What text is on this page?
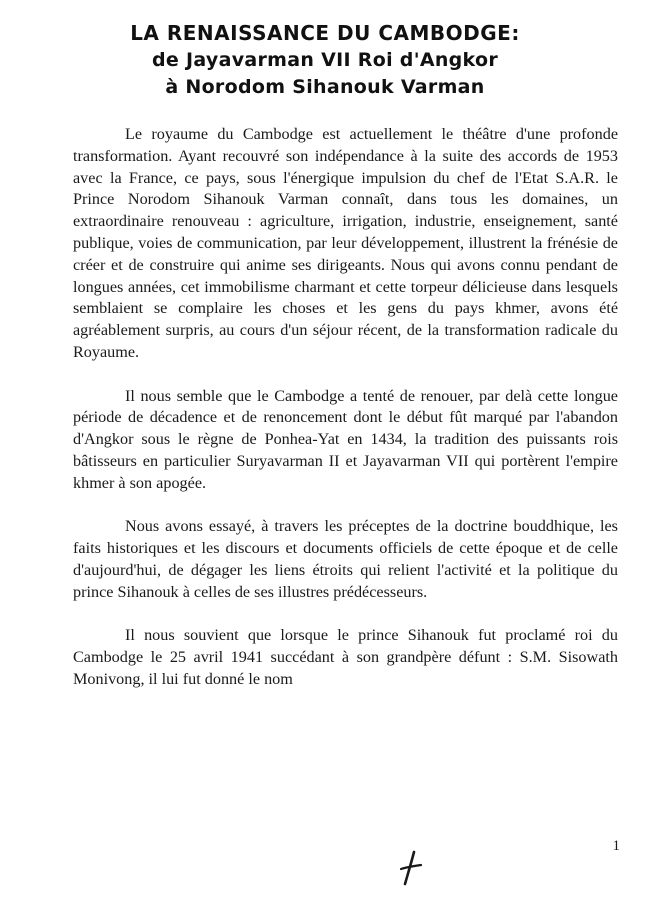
LA RENAISSANCE DU CAMBODGE:
de Jayavarman VII Roi d'Angkor
à Norodom Sihanouk Varman

Le royaume du Cambodge est actuellement le théâtre d'une profonde transformation. Ayant recouvré son indépendance à la suite des accords de 1953 avec la France, ce pays, sous l'énergique impulsion du chef de l'Etat S.A.R. le Prince Norodom Sihanouk Varman connaît, dans tous les domaines, un extraordinaire renouveau : agriculture, irrigation, industrie, enseignement, santé publique, voies de communication, par leur développement, illustrent la frénésie de créer et de construire qui anime ses dirigeants. Nous qui avons connu pendant de longues années, cet immobilisme charmant et cette torpeur délicieuse dans lesquels semblaient se complaire les choses et les gens du pays khmer, avons été agréablement surpris, au cours d'un séjour récent, de la transformation radicale du Royaume.

Il nous semble que le Cambodge a tenté de renouer, par delà cette longue période de décadence et de renoncement dont le début fût marqué par l'abandon d'Angkor sous le règne de Ponhea-Yat en 1434, la tradition des puissants rois bâtisseurs en particulier Suryavarman II et Jayavarman VII qui portèrent l'empire khmer à son apogée.

Nous avons essayé, à travers les préceptes de la doctrine bouddhique, les faits historiques et les discours et documents officiels de cette époque et de celle d'aujourd'hui, de dégager les liens étroits qui relient l'activité et la politique du prince Sihanouk à celles de ses illustres prédécesseurs.

Il nous souvient que lorsque le prince Sihanouk fut proclamé roi du Cambodge le 25 avril 1941 succédant à son grandpère défunt : S.M. Sisowath Monivong, il lui fut donné le nom

1
